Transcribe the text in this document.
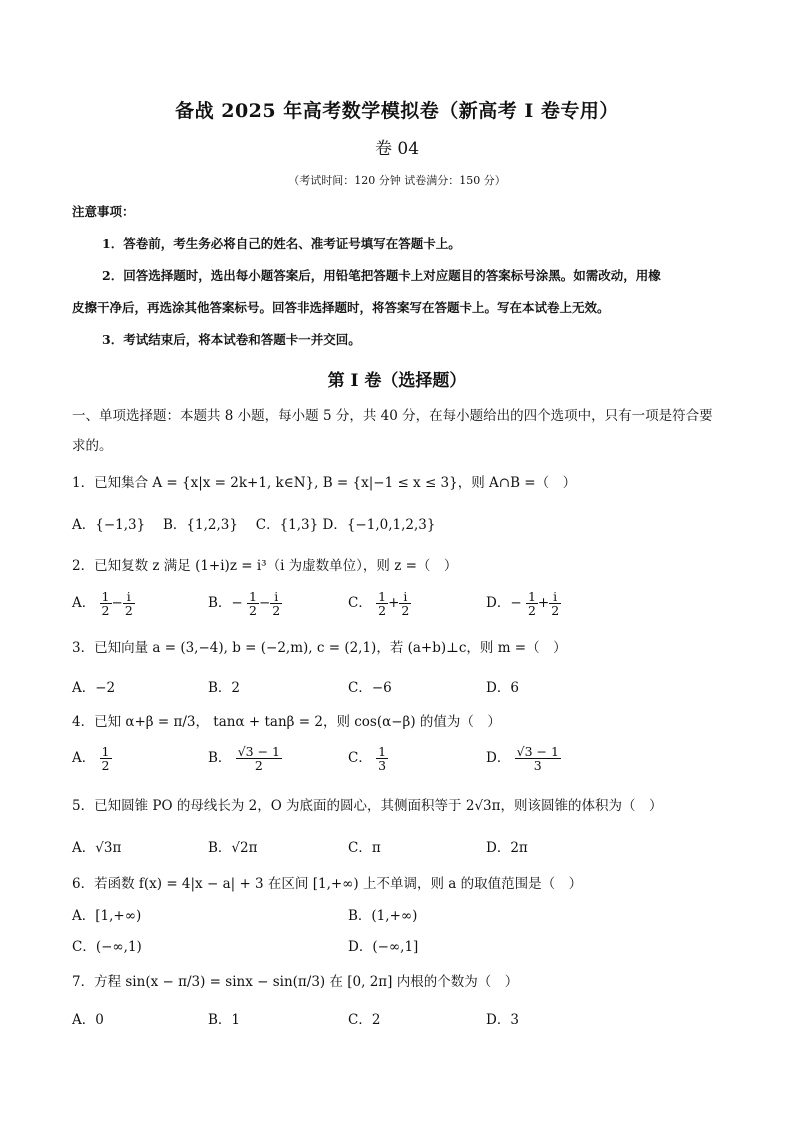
备战 2025 年高考数学模拟卷（新高考 I 卷专用）
卷 04
（考试时间：120 分钟 试卷满分：150 分）
注意事项：
1．答卷前，考生务必将自己的姓名、准考证号填写在答题卡上。
2．回答选择题时，选出每小题答案后，用铅笔把答题卡上对应题目的答案标号涂黑。如需改动，用橡
皮擦干净后，再选涂其他答案标号。回答非选择题时，将答案写在答题卡上。写在本试卷上无效。
3．考试结束后，将本试卷和答题卡一并交回。
第 I 卷（选择题）
一、单项选择题：本题共 8 小题，每小题 5 分，共 40 分，在每小题给出的四个选项中，只有一项是符合要
求的。
1．已知集合 A = {x|x = 2k+1, k∈N}, B = {x|−1 ≤ x ≤ 3}，则 A∩B =（　）
A．{−1,3}　 B．{1,2,3}　 C．{1,3} D．{−1,0,1,2,3}
2．已知复数 z 满足 (1+i)z = i³（i 为虚数单位），则 z =（　）
A． $\frac{1}{2} - \frac{i}{2}$	B．− $\frac{1}{2} - \frac{i}{2}$	C． $\frac{1}{2} + \frac{i}{2}$	D．− $\frac{1}{2} + \frac{i}{2}$
3．已知向量 a = (3,−4), b = (−2,m), c = (2,1)，若 (a+b)⊥c，则 m =（　）
A．−2	B．2	C．−6	D．6
4．已知 α+β = π/3， tanα + tanβ = 2，则 cos(α−β) 的值为（　）
A． $\frac{1}{2}$	B． $\frac{√3 - 1}{2}$	C． $\frac{1}{3}$	D． $\frac{√3 - 1}{3}$
5．已知圆锥 PO 的母线长为 2，O 为底面的圆心，其侧面积等于 2√3π，则该圆锥的体积为（　）
A．√3π	B．√2π	C．π	D．2π
6．若函数 f(x) = 4|x − a| + 3 在区间 [1,+∞) 上不单调，则 a 的取值范围是（　）
A．[1,+∞)	B．(1,+∞)
C．(−∞,1)	D．(−∞,1]
7．方程 sin(x − π/3) = sinx − sin(π/3) 在 [0, 2π] 内根的个数为（　）
A．0	B．1	C．2	D．3
